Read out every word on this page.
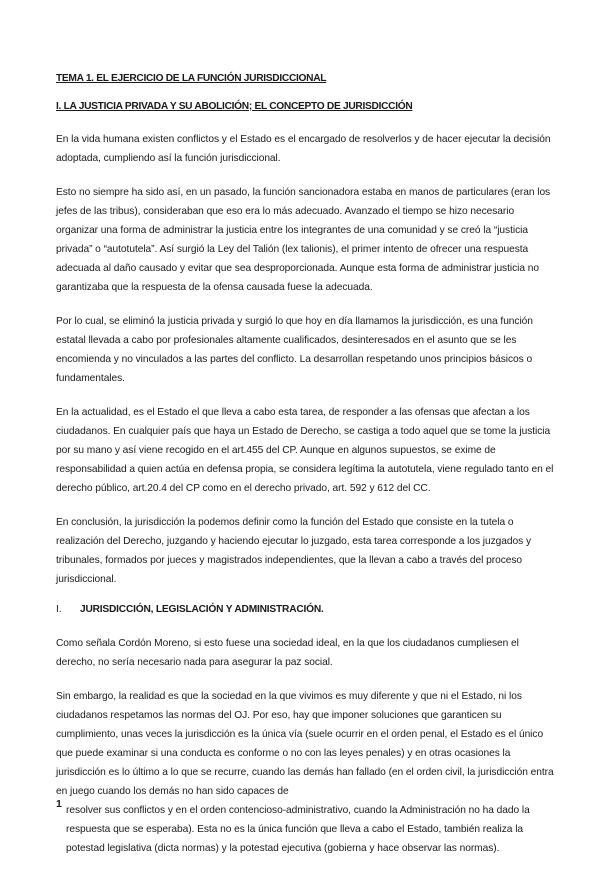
TEMA 1. EL EJERCICIO DE LA FUNCIÓN JURISDICCIONAL
I. LA JUSTICIA PRIVADA Y SU ABOLICIÓN; EL CONCEPTO DE JURISDICCIÓN

En la vida humana existen conflictos y el Estado es el encargado de resolverlos y de hacer ejecutar la decisión adoptada, cumpliendo así la función jurisdiccional.

Esto no siempre ha sido así, en un pasado, la función sancionadora estaba en manos de particulares (eran los jefes de las tribus), consideraban que eso era lo más adecuado. Avanzado el tiempo se hizo necesario organizar una forma de administrar la justicia entre los integrantes de una comunidad y se creó la “justicia privada” o “autotutela”. Así surgió la Ley del Talión (lex talionis), el primer intento de ofrecer una respuesta adecuada al daño causado y evitar que sea desproporcionada. Aunque esta forma de administrar justicia no garantizaba que la respuesta de la ofensa causada fuese la adecuada.

Por lo cual, se eliminó la justicia privada y surgió lo que hoy en día llamamos la jurisdicción, es una función estatal llevada a cabo por profesionales altamente cualificados, desinteresados en el asunto que se les encomienda y no vinculados a las partes del conflicto. La desarrollan respetando unos principios básicos o fundamentales.

En la actualidad, es el Estado el que lleva a cabo esta tarea, de responder a las ofensas que afectan a los ciudadanos. En cualquier país que haya un Estado de Derecho, se castiga a todo aquel que se tome la justicia por su mano y así viene recogido en el art.455 del CP. Aunque en algunos supuestos, se exime de responsabilidad a quien actúa en defensa propia, se considera legítima la autotutela, viene regulado tanto en el derecho público, art.20.4 del CP como en el derecho privado, art. 592 y 612 del CC.

En conclusión, la jurisdicción la podemos definir como la función del Estado que consiste en la tutela o realización del Derecho, juzgando y haciendo ejecutar lo juzgado, esta tarea corresponde a los juzgados y tribunales, formados por jueces y magistrados independientes, que la llevan a cabo a través del proceso jurisdiccional.

I.	JURISDICCIÓN, LEGISLACIÓN Y ADMINISTRACIÓN.

Como señala Cordón Moreno, si esto fuese una sociedad ideal, en la que los ciudadanos cumpliesen el derecho, no sería necesario nada para asegurar la paz social.

Sin embargo, la realidad es que la sociedad en la que vivimos es muy diferente y que ni el Estado, ni los ciudadanos respetamos las normas del OJ. Por eso, hay que imponer soluciones que garanticen su cumplimiento, unas veces la jurisdicción es la única vía (suele ocurrir en el orden penal, el Estado es el único que puede examinar si una conducta es conforme o no con las leyes penales) y en otras ocasiones la jurisdicción es lo último a lo que se recurre, cuando las demás han fallado (en el orden civil, la jurisdicción entra en juego cuando los demás no han sido capaces de

resolver sus conflictos y en el orden contencioso-administrativo, cuando la Administración no ha dado la respuesta que se esperaba). Esta no es la única función que lleva a cabo el Estado, también realiza la potestad legislativa (dicta normas) y la potestad ejecutiva (gobierna y hace observar las normas).

1
